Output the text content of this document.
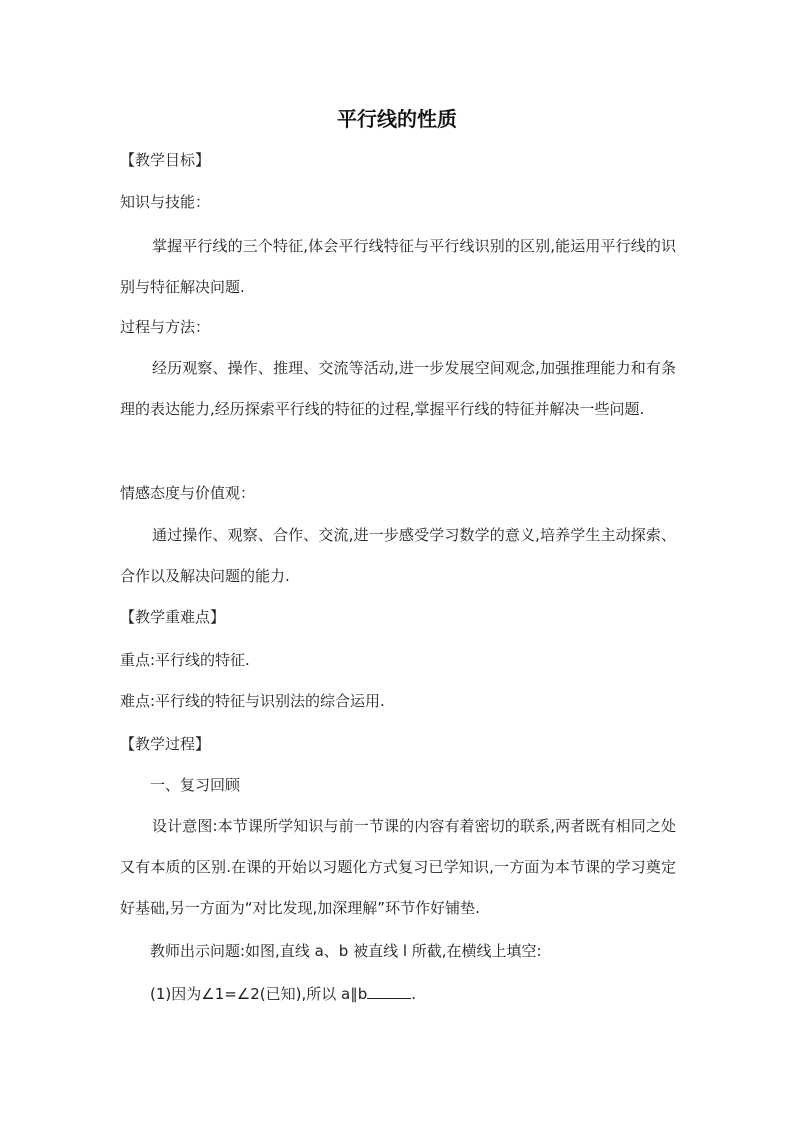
平行线的性质
【教学目标】
知识与技能：
掌握平行线的三个特征,体会平行线特征与平行线识别的区别,能运用平行线的识别与特征解决问题.
过程与方法：
经历观察、操作、推理、交流等活动,进一步发展空间观念,加强推理能力和有条理的表达能力,经历探索平行线的特征的过程,掌握平行线的特征并解决一些问题.
情感态度与价值观：
通过操作、观察、合作、交流,进一步感受学习数学的意义,培养学生主动探索、合作以及解决问题的能力.
【教学重难点】
重点:平行线的特征.
难点:平行线的特征与识别法的综合运用.
【教学过程】
一、复习回顾
设计意图:本节课所学知识与前一节课的内容有着密切的联系,两者既有相同之处又有本质的区别.在课的开始以习题化方式复习已学知识,一方面为本节课的学习奠定好基础,另一方面为“对比发现,加深理解”环节作好铺垫.
教师出示问题:如图,直线 a、b 被直线 l 所截,在横线上填空:
(1)因为∠1=∠2(已知),所以 a∥b	.
